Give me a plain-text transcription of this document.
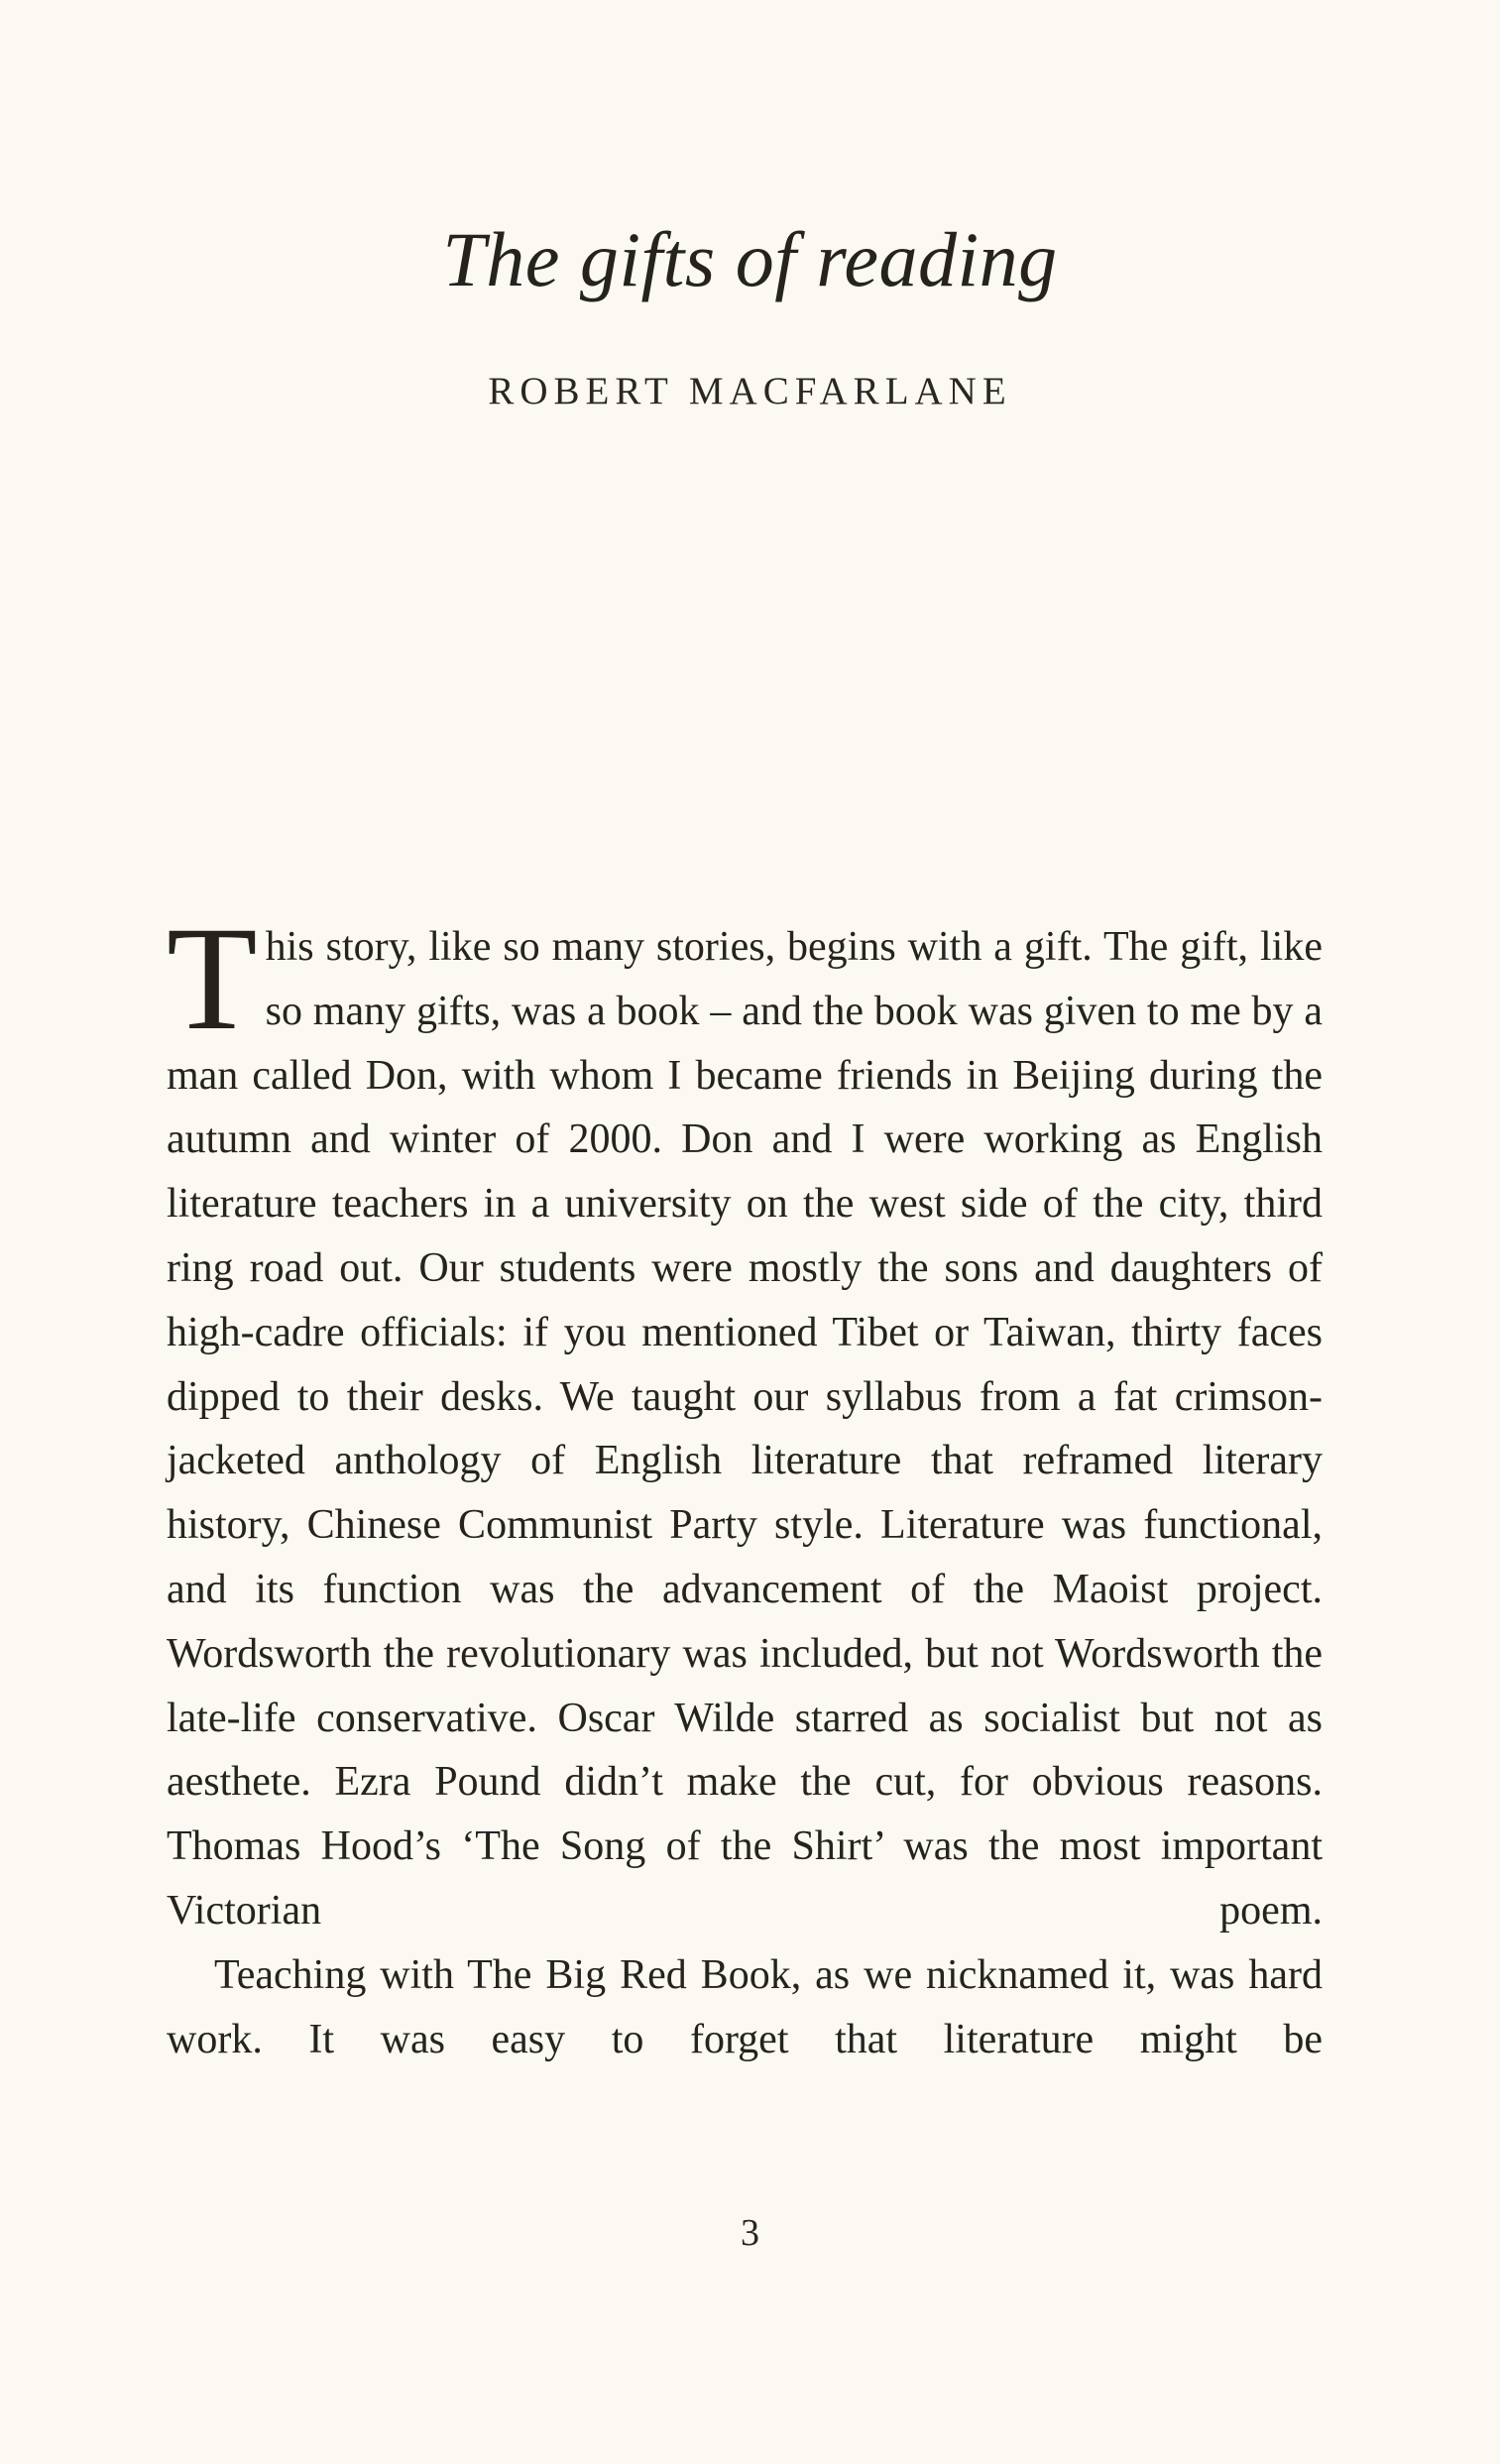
The gifts of reading
ROBERT MACFARLANE

This story, like so many stories, begins with a gift. The gift, like so many gifts, was a book – and the book was given to me by a man called Don, with whom I became friends in Beijing during the autumn and winter of 2000. Don and I were working as English literature teachers in a university on the west side of the city, third ring road out. Our students were mostly the sons and daughters of high-cadre officials: if you mentioned Tibet or Taiwan, thirty faces dipped to their desks. We taught our syllabus from a fat crimson-jacketed anthology of English literature that reframed literary history, Chinese Communist Party style. Literature was functional, and its function was the advancement of the Maoist project. Wordsworth the revolutionary was included, but not Wordsworth the late-life conservative. Oscar Wilde starred as socialist but not as aesthete. Ezra Pound didn’t make the cut, for obvious reasons. Thomas Hood’s ‘The Song of the Shirt’ was the most important Victorian poem.

Teaching with The Big Red Book, as we nicknamed it, was hard work. It was easy to forget that literature might be

3
